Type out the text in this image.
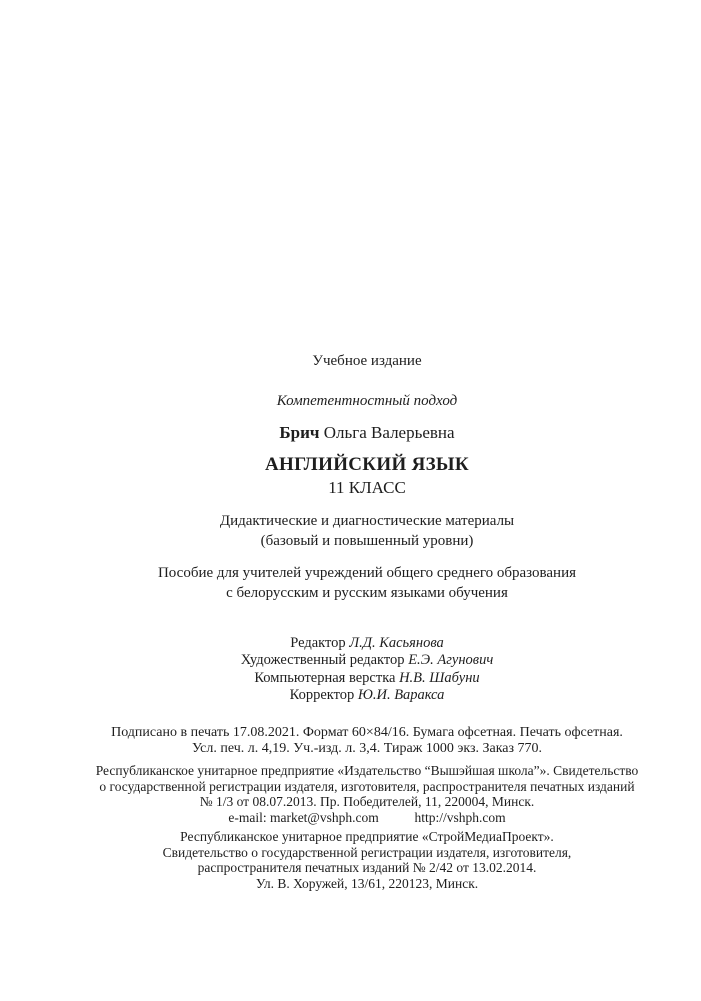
Учебное издание
Компетентностный подход
Брич Ольга Валерьевна
АНГЛИЙСКИЙ ЯЗЫК
11 КЛАСС
Дидактические и диагностические материалы
(базовый и повышенный уровни)
Пособие для учителей учреждений общего среднего образования
с белорусским и русским языками обучения
Редактор Л.Д. Касьянова
Художественный редактор Е.Э. Агунович
Компьютерная верстка Н.В. Шабуни
Корректор Ю.И. Варакса
Подписано в печать 17.08.2021. Формат 60×84/16. Бумага офсетная. Печать офсетная.
Усл. печ. л. 4,19. Уч.-изд. л. 3,4. Тираж 1000 экз. Заказ 770.
Республиканское унитарное предприятие «Издательство “Вышэйшая школа”». Свидетельство
о государственной регистрации издателя, изготовителя, распространителя печатных изданий
№ 1/3 от 08.07.2013. Пр. Победителей, 11, 220004, Минск.
e-mail: market@vshph.com	http://vshph.com
Республиканское унитарное предприятие «СтройМедиаПроект».
Свидетельство о государственной регистрации издателя, изготовителя,
распространителя печатных изданий № 2/42 от 13.02.2014.
Ул. В. Хоружей, 13/61, 220123, Минск.
